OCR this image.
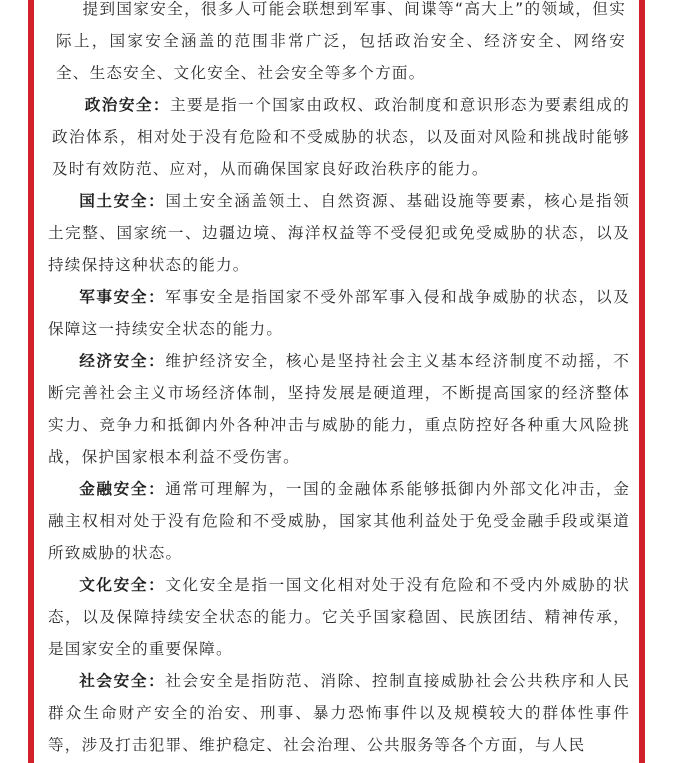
提到国家安全，很多人可能会联想到军事、间谍等“高大上”的领域，但实际上，国家安全涵盖的范围非常广泛，包括政治安全、经济安全、网络安全、生态安全、文化安全、社会安全等多个方面。

政治安全：主要是指一个国家由政权、政治制度和意识形态为要素组成的政治体系，相对处于没有危险和不受威胁的状态，以及面对风险和挑战时能够及时有效防范、应对，从而确保国家良好政治秩序的能力。

国土安全：国土安全涵盖领土、自然资源、基础设施等要素，核心是指领土完整、国家统一、边疆边境、海洋权益等不受侵犯或免受威胁的状态，以及持续保持这种状态的能力。

军事安全：军事安全是指国家不受外部军事入侵和战争威胁的状态，以及保障这一持续安全状态的能力。

经济安全：维护经济安全，核心是坚持社会主义基本经济制度不动摇，不断完善社会主义市场经济体制，坚持发展是硬道理，不断提高国家的经济整体实力、竞争力和抵御内外各种冲击与威胁的能力，重点防控好各种重大风险挑战，保护国家根本利益不受伤害。

金融安全：通常可理解为，一国的金融体系能够抵御内外部文化冲击，金融主权相对处于没有危险和不受威胁，国家其他利益处于免受金融手段或渠道所致威胁的状态。

文化安全：文化安全是指一国文化相对处于没有危险和不受内外威胁的状态，以及保障持续安全状态的能力。它关乎国家稳固、民族团结、精神传承，是国家安全的重要保障。

社会安全：社会安全是指防范、消除、控制直接威胁社会公共秩序和人民群众生命财产安全的治安、刑事、暴力恐怖事件以及规模较大的群体性事件等，涉及打击犯罪、维护稳定、社会治理、公共服务等各个方面，与人民
